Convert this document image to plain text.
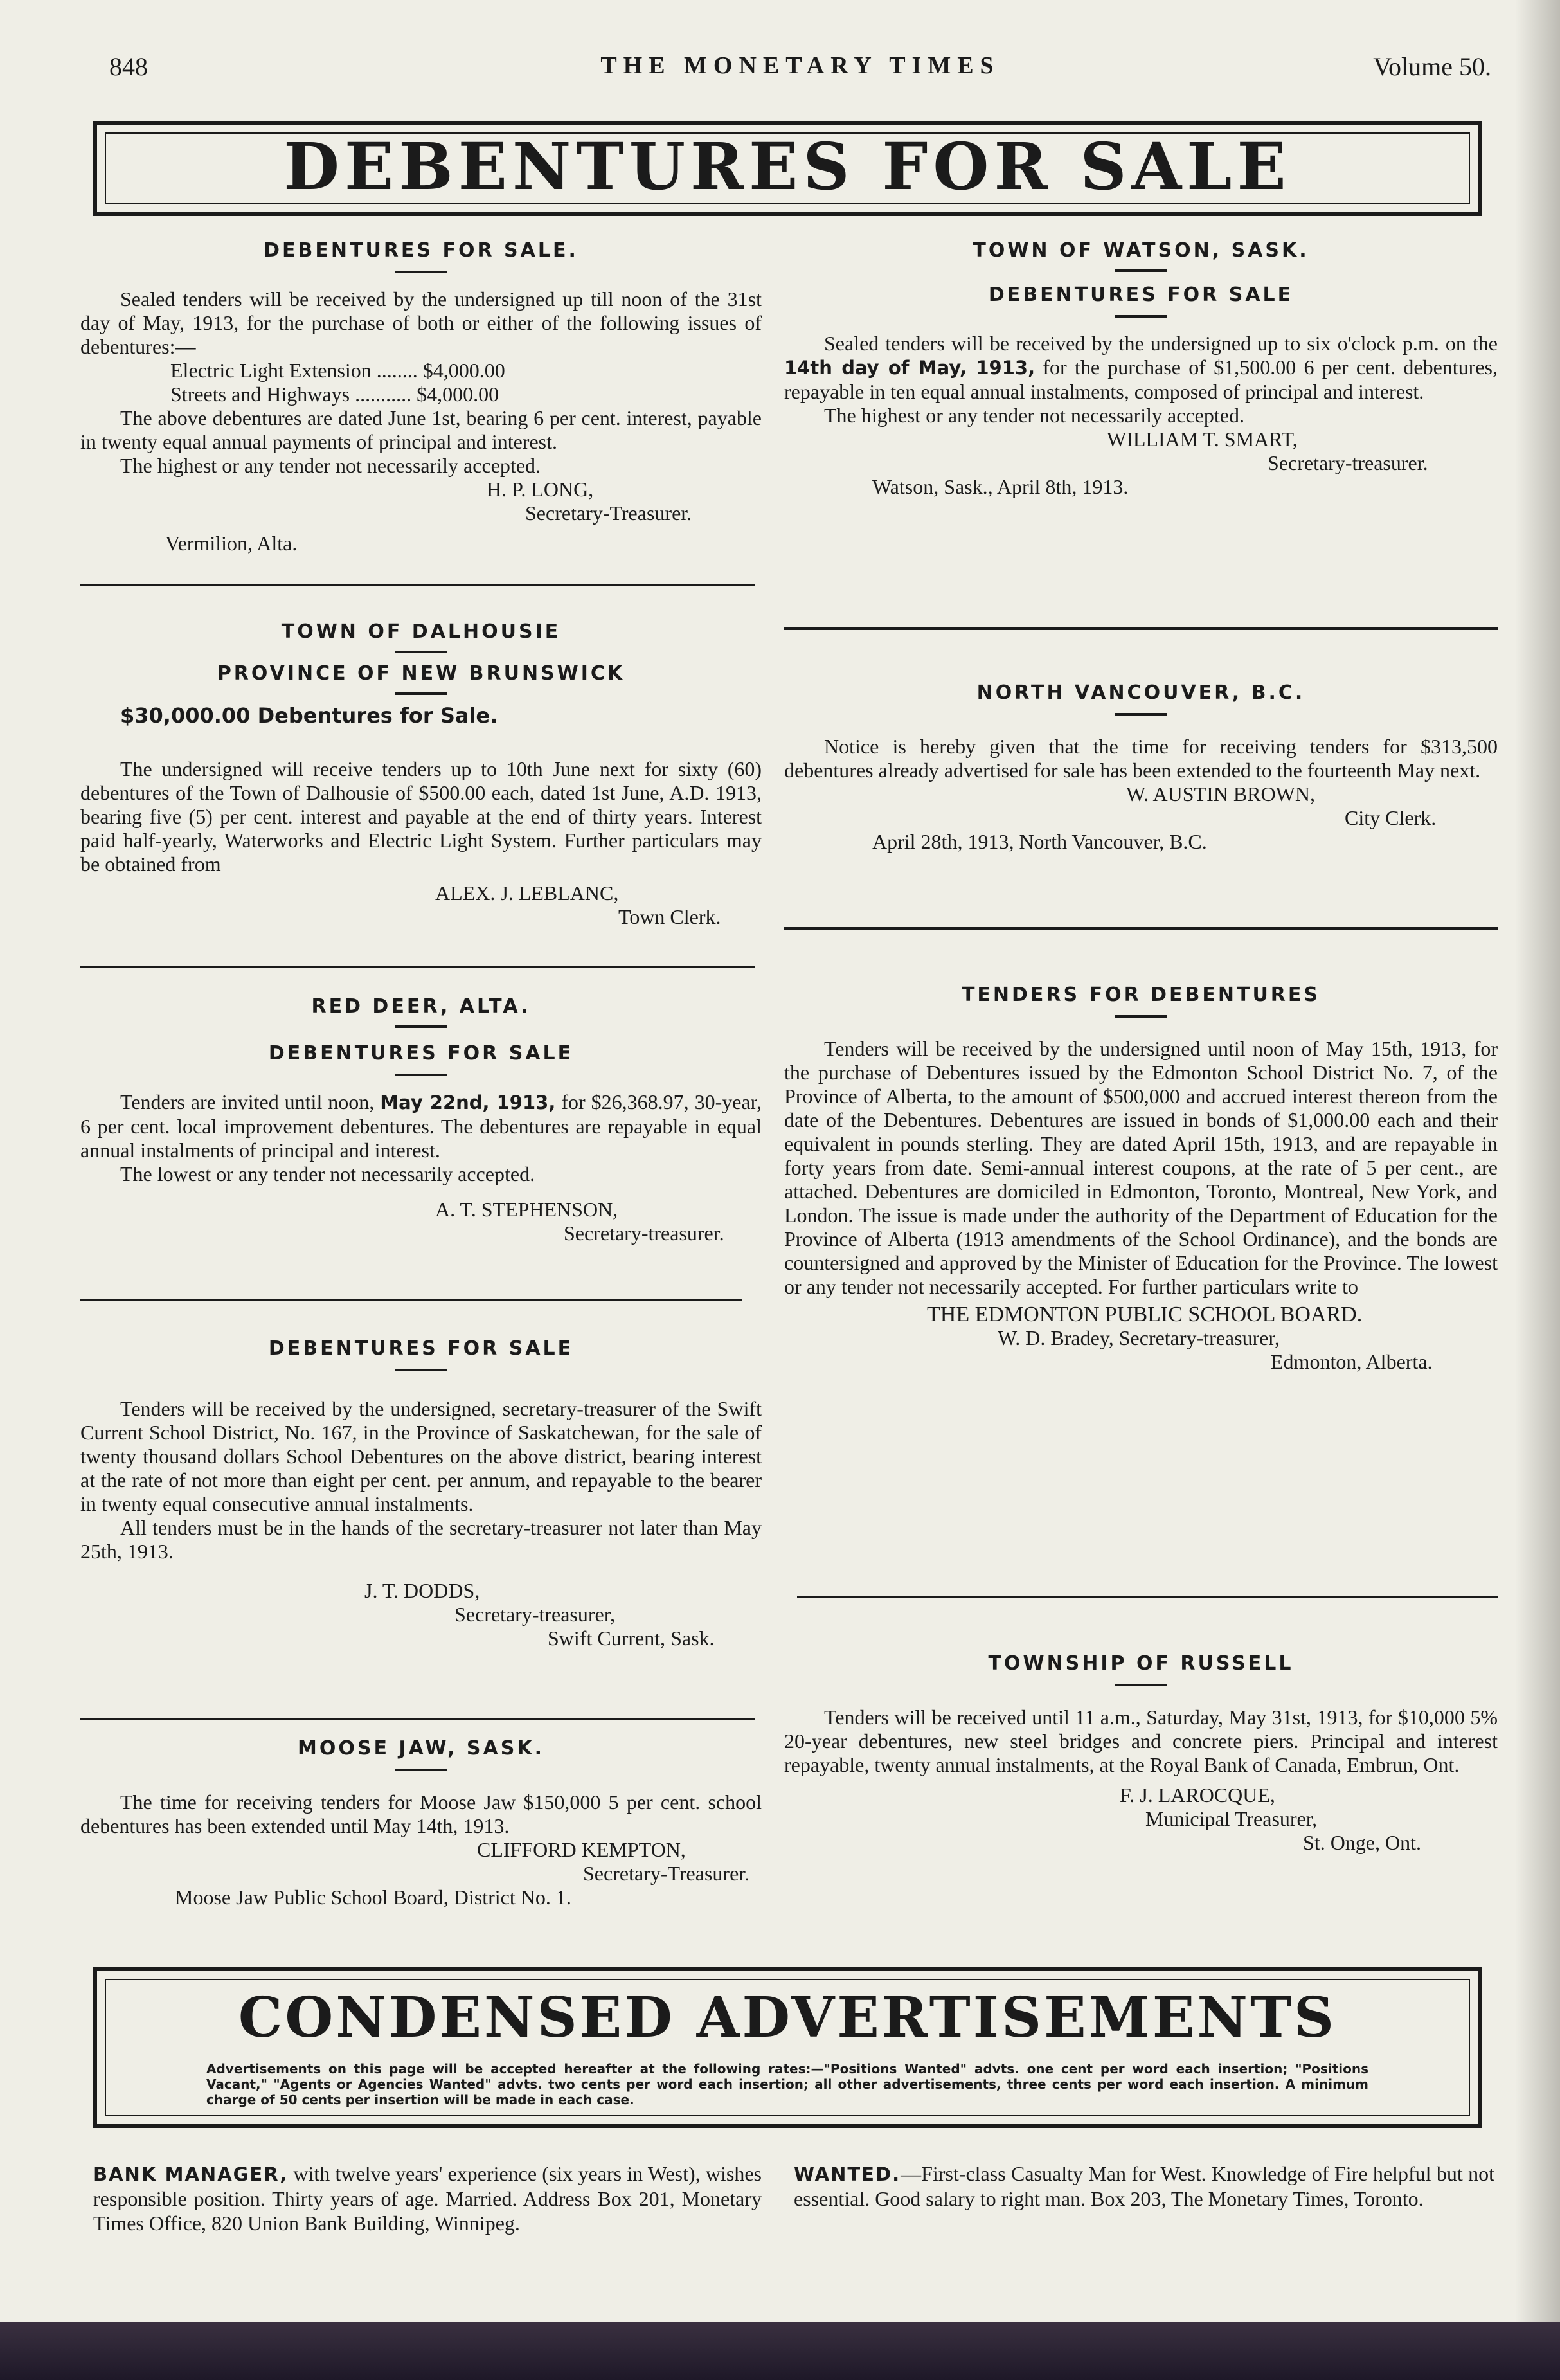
848	THE MONETARY TIMES	Volume 50.
DEBENTURES FOR SALE
DEBENTURES FOR SALE.

Sealed tenders will be received by the undersigned up till noon of the 31st day of May, 1913, for the purchase of both or either of the following issues of debentures:—

Electric Light Extension ........ $4,000.00

Streets and Highways ........... $4,000.00

The above debentures are dated June 1st, bearing 6 per cent. interest, payable in twenty equal annual payments of principal and interest.

The highest or any tender not necessarily accepted.

H. P. LONG,

Secretary-Treasurer.

Vermilion, Alta.

TOWN OF DALHOUSIE
PROVINCE OF NEW BRUNSWICK

$30,000.00 Debentures for Sale.

The undersigned will receive tenders up to 10th June next for sixty (60) debentures of the Town of Dalhousie of $500.00 each, dated 1st June, A.D. 1913, bearing five (5) per cent. interest and payable at the end of thirty years. Interest paid half-yearly, Waterworks and Electric Light System. Further particulars may be obtained from

ALEX. J. LEBLANC,

Town Clerk.

RED DEER, ALTA.
DEBENTURES FOR SALE

Tenders are invited until noon, May 22nd, 1913, for $26,368.97, 30-year, 6 per cent. local improvement debentures. The debentures are repayable in equal annual instalments of principal and interest.

The lowest or any tender not necessarily accepted.

A. T. STEPHENSON,

Secretary-treasurer.

DEBENTURES FOR SALE

Tenders will be received by the undersigned, secretary-treasurer of the Swift Current School District, No. 167, in the Province of Saskatchewan, for the sale of twenty thousand dollars School Debentures on the above district, bearing interest at the rate of not more than eight per cent. per annum, and repayable to the bearer in twenty equal consecutive annual instalments.

All tenders must be in the hands of the secretary-treasurer not later than May 25th, 1913.

J. T. DODDS,

Secretary-treasurer,

Swift Current, Sask.

MOOSE JAW, SASK.

The time for receiving tenders for Moose Jaw $150,000 5 per cent. school debentures has been extended until May 14th, 1913.

CLIFFORD KEMPTON,

Secretary-Treasurer.

Moose Jaw Public School Board, District No. 1.

TOWN OF WATSON, SASK.
DEBENTURES FOR SALE

Sealed tenders will be received by the undersigned up to six o'clock p.m. on the 14th day of May, 1913, for the purchase of $1,500.00 6 per cent. debentures, repayable in ten equal annual instalments, composed of principal and interest.

The highest or any tender not necessarily accepted.

WILLIAM T. SMART,

Secretary-treasurer.

Watson, Sask., April 8th, 1913.

NORTH VANCOUVER, B.C.

Notice is hereby given that the time for receiving tenders for $313,500 debentures already advertised for sale has been extended to the fourteenth May next.

W. AUSTIN BROWN,

City Clerk.

April 28th, 1913, North Vancouver, B.C.

TENDERS FOR DEBENTURES

Tenders will be received by the undersigned until noon of May 15th, 1913, for the purchase of Debentures issued by the Edmonton School District No. 7, of the Province of Alberta, to the amount of $500,000 and accrued interest thereon from the date of the Debentures. Debentures are issued in bonds of $1,000.00 each and their equivalent in pounds sterling. They are dated April 15th, 1913, and are repayable in forty years from date. Semi-annual interest coupons, at the rate of 5 per cent., are attached. Debentures are domiciled in Edmonton, Toronto, Montreal, New York, and London. The issue is made under the authority of the Department of Education for the Province of Alberta (1913 amendments of the School Ordinance), and the bonds are countersigned and approved by the Minister of Education for the Province. The lowest or any tender not necessarily accepted. For further particulars write to

THE EDMONTON PUBLIC SCHOOL BOARD.

W. D. Bradey, Secretary-treasurer,

Edmonton, Alberta.

TOWNSHIP OF RUSSELL

Tenders will be received until 11 a.m., Saturday, May 31st, 1913, for $10,000 5% 20-year debentures, new steel bridges and concrete piers. Principal and interest repayable, twenty annual instalments, at the Royal Bank of Canada, Embrun, Ont.

F. J. LAROCQUE,

Municipal Treasurer,

St. Onge, Ont.

CONDENSED ADVERTISEMENTS

Advertisements on this page will be accepted hereafter at the following rates:—"Positions Wanted" advts. one cent per word each insertion; "Positions Vacant," "Agents or Agencies Wanted" advts. two cents per word each insertion; all other advertisements, three cents per word each insertion. A minimum charge of 50 cents per insertion will be made in each case.

BANK MANAGER, with twelve years' experience (six years in West), wishes responsible position. Thirty years of age. Married. Address Box 201, Monetary Times Office, 820 Union Bank Building, Winnipeg.

WANTED.—First-class Casualty Man for West. Knowledge of Fire helpful but not essential. Good salary to right man. Box 203, The Monetary Times, Toronto.
